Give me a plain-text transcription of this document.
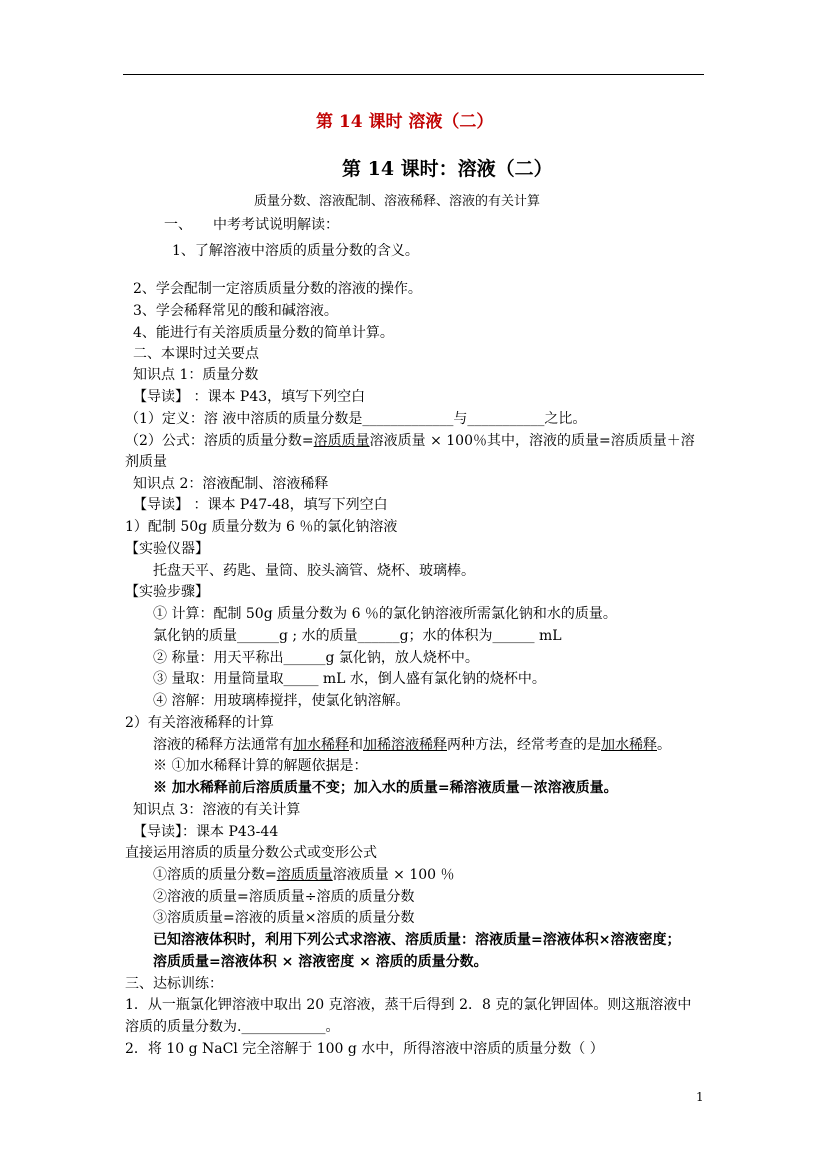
第 14 课时 溶液（二）
第 14 课时：溶液（二）
质量分数、溶液配制、溶液稀释、溶液的有关计算
一、　　中考考试说明解读：
1、了解溶液中溶质的质量分数的含义。
2、学会配制一定溶质质量分数的溶液的操作。
3、学会稀释常见的酸和碱溶液。
4、能进行有关溶质质量分数的简单计算。
二、本课时过关要点
知识点 1：质量分数
【导读】 ：课本 P43，填写下列空白
（1）定义：溶 液中溶质的质量分数是_____________与___________之比。
（2）公式：溶质的质量分数=溶质质量溶液质量 × 100％其中，溶液的质量=溶质质量＋溶
剂质量
知识点 2：溶液配制、溶液稀释
【导读】 ：课本 P47-48，填写下列空白
1）配制 50g 质量分数为 6 ％的氯化钠溶液
【实验仪器】
托盘天平、药匙、量筒、胶头滴管、烧杯、玻璃棒。
【实验步骤】
① 计算：配制 50g 质量分数为 6 ％的氯化钠溶液所需氯化钠和水的质量。
氯化钠的质量______g ; 水的质量______g；水的体积为______ mL
② 称量：用天平称出______g 氯化钠，放人烧杯中。
③ 量取：用量筒量取_____ mL 水，倒人盛有氯化钠的烧杯中。
④ 溶解：用玻璃棒搅拌，使氯化钠溶解。
2）有关溶液稀释的计算
溶液的稀释方法通常有加水稀释和加稀溶液稀释两种方法，经常考查的是加水稀释。
※ ①加水稀释计算的解题依据是：
※ 加水稀释前后溶质质量不变；加入水的质量=稀溶液质量－浓溶液质量。
知识点 3：溶液的有关计算
【导读】：课本 P43-44
直接运用溶质的质量分数公式或变形公式
①溶质的质量分数=溶质质量溶液质量 × 100 ％
②溶液的质量=溶质质量÷溶质的质量分数
③溶质质量=溶液的质量×溶质的质量分数
已知溶液体积时，利用下列公式求溶液、溶质质量：溶液质量=溶液体积×溶液密度；
溶质质量=溶液体积 × 溶液密度 × 溶质的质量分数。
三、达标训练：
1．从一瓶氯化钾溶液中取出 20 克溶液，蒸干后得到 2．8 克的氯化钾固体。则这瓶溶液中
溶质的质量分数为.____________。
2．将 10 g NaCl 完全溶解于 100 g 水中，所得溶液中溶质的质量分数（ ）
1
